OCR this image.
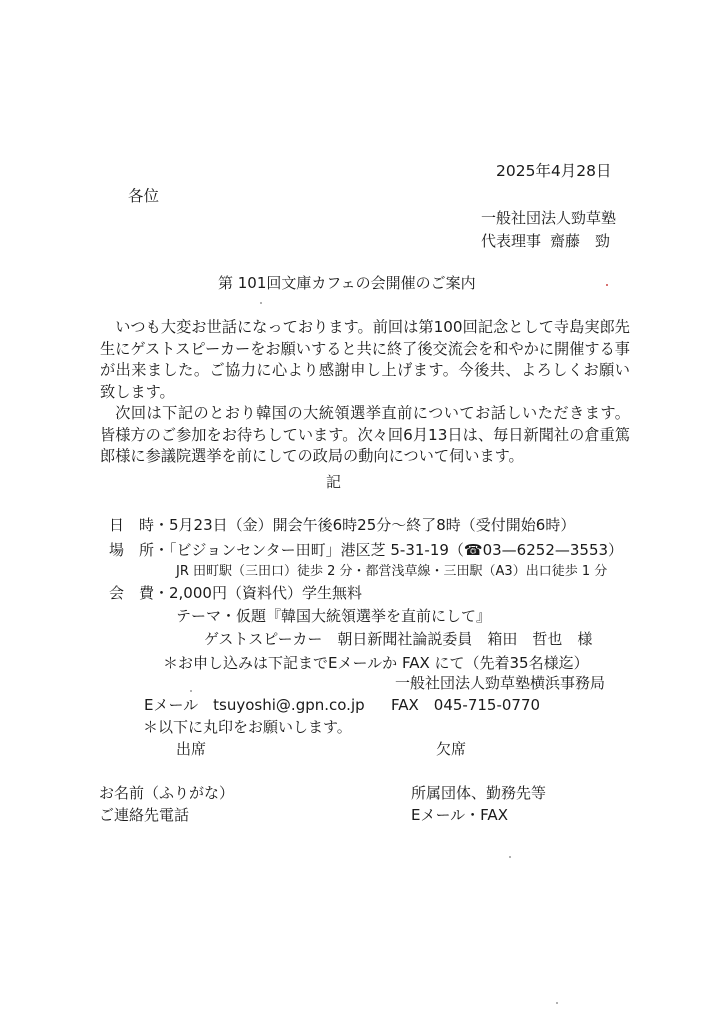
2025年4月28日
各位
一般社団法人勁草塾
代表理事 齋藤　勁
第 101回文庫カフェの会開催のご案内

いつも大変お世話になっております。前回は第100回記念として寺島実郎先生にゲストスピーカーをお願いすると共に終了後交流会を和やかに開催する事が出来ました。ご協力に心より感謝申し上げます。今後共、よろしくお願い致します。

次回は下記のとおり韓国の大統領選挙直前についてお話しいただきます。皆様方のご参加をお待ちしています。次々回6月13日は、毎日新聞社の倉重篤郎様に参議院選挙を前にしての政局の動向について伺います。

記
日　時・5月23日（金）開会午後6時25分～終了8時（受付開始6時）
場　所・「ビジョンセンター田町」港区芝 5-31-19（☎03—6252—3553）
JR 田町駅（三田口）徒歩 2 分・都営浅草線・三田駅（A3）出口徒歩 1 分
会　費・2,000円（資料代）学生無料
テーマ・仮題『韓国大統領選挙を直前にして』
ゲストスピーカー　朝日新聞社論説委員　箱田　哲也　様
＊お申し込みは下記までEメールか FAX にて（先着35名様迄）
一般社団法人勁草塾横浜事務局
Eメール　tsuyoshi@.gpn.co.jp FAX　045-715-0770
＊以下に丸印をお願いします。
出席	欠席
お名前（ふりがな）	所属団体、勤務先等
ご連絡先電話	Eメール・FAX
